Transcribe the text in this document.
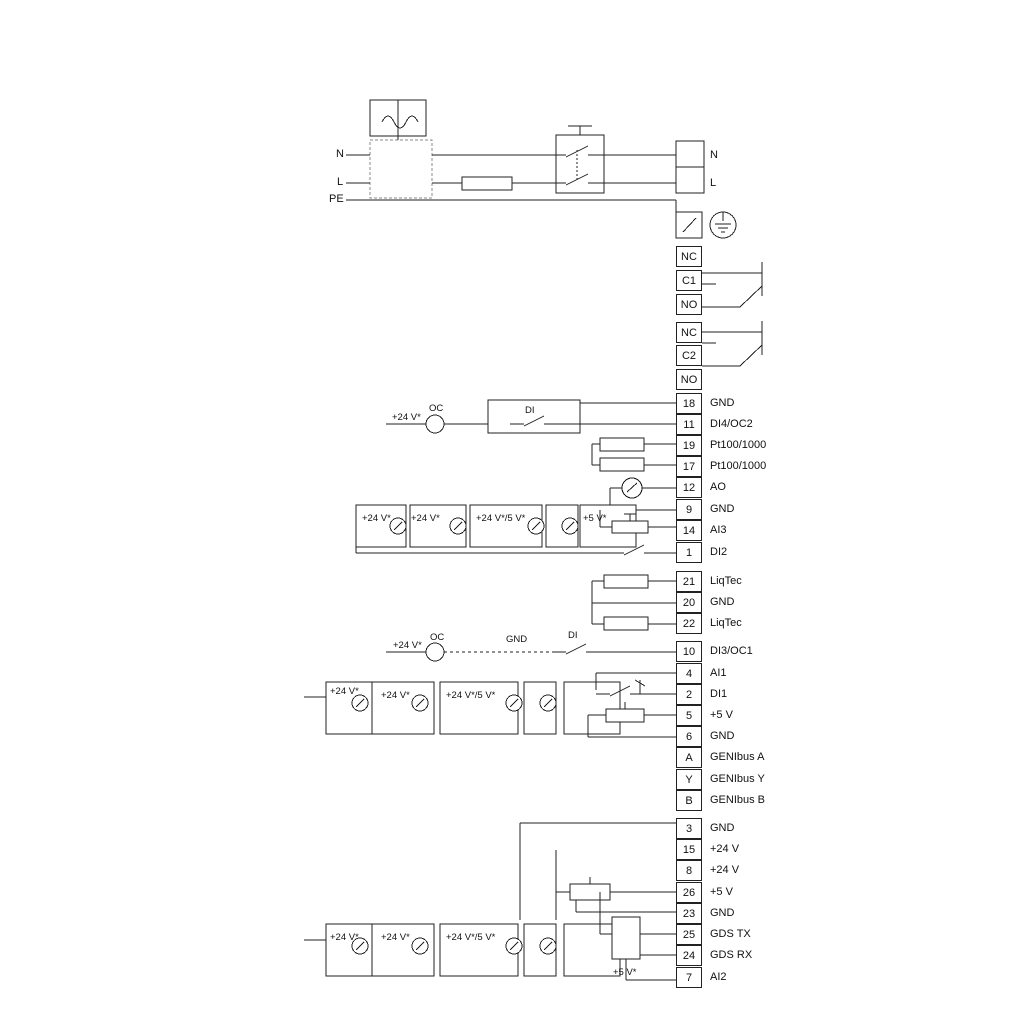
N
L
PE
N
L
NC
C1
NO
NC
C2
NO
18	GND
11	DI4/OC2
19	Pt100/1000
17	Pt100/1000
12	AO
9	GND
14	AI3
1	DI2
21	LiqTec
20	GND
22	LiqTec
10	DI3/OC1
4	AI1
2	DI1
5	+5 V
6	GND
A	GENIbus A
Y	GENIbus Y
B	GENIbus B
3	GND
15	+24 V
8	+24 V
26	+5 V
23	GND
25	GDS TX
24	GDS RX
7	AI2
+24 V*
OC	DI
+24 V* +24 V*	+24 V*/5 V*	+5 V*
+24 V*
OC	GND	DI
+24 V* +24 V*	+24 V*/5 V*
+24 V* +24 V*	+24 V*/5 V*
+5 V*
